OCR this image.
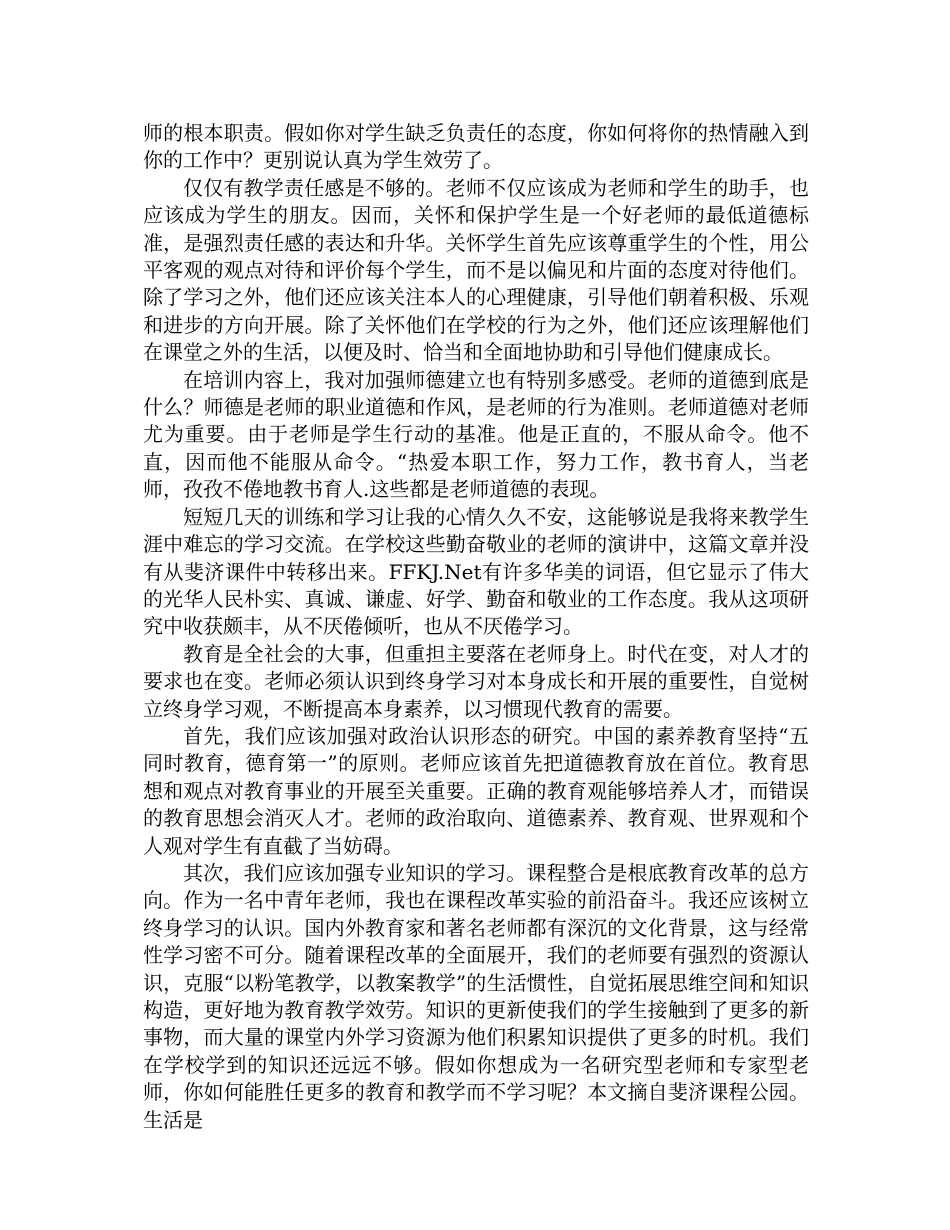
师的根本职责。假如你对学生缺乏负责任的态度，你如何将你的热情融入到你的工作中？更别说认真为学生效劳了。

仅仅有教学责任感是不够的。老师不仅应该成为老师和学生的助手，也应该成为学生的朋友。因而，关怀和保护学生是一个好老师的最低道德标准，是强烈责任感的表达和升华。关怀学生首先应该尊重学生的个性，用公平客观的观点对待和评价每个学生，而不是以偏见和片面的态度对待他们。除了学习之外，他们还应该关注本人的心理健康，引导他们朝着积极、乐观和进步的方向开展。除了关怀他们在学校的行为之外，他们还应该理解他们在课堂之外的生活，以便及时、恰当和全面地协助和引导他们健康成长。

在培训内容上，我对加强师德建立也有特别多感受。老师的道德到底是什么？师德是老师的职业道德和作风，是老师的行为准则。老师道德对老师尤为重要。由于老师是学生行动的基准。他是正直的，不服从命令。他不直，因而他不能服从命令。“热爱本职工作，努力工作，教书育人，当老师，孜孜不倦地教书育人.这些都是老师道德的表现。

短短几天的训练和学习让我的心情久久不安，这能够说是我将来教学生涯中难忘的学习交流。在学校这些勤奋敬业的老师的演讲中，这篇文章并没有从斐济课件中转移出来。FFKJ.Net有许多华美的词语，但它显示了伟大的光华人民朴实、真诚、谦虚、好学、勤奋和敬业的工作态度。我从这项研究中收获颇丰，从不厌倦倾听，也从不厌倦学习。

教育是全社会的大事，但重担主要落在老师身上。时代在变，对人才的要求也在变。老师必须认识到终身学习对本身成长和开展的重要性，自觉树立终身学习观，不断提高本身素养，以习惯现代教育的需要。

首先，我们应该加强对政治认识形态的研究。中国的素养教育坚持“五同时教育，德育第一”的原则。老师应该首先把道德教育放在首位。教育思想和观点对教育事业的开展至关重要。正确的教育观能够培养人才，而错误的教育思想会消灭人才。老师的政治取向、道德素养、教育观、世界观和个人观对学生有直截了当妨碍。

其次，我们应该加强专业知识的学习。课程整合是根底教育改革的总方向。作为一名中青年老师，我也在课程改革实验的前沿奋斗。我还应该树立终身学习的认识。国内外教育家和著名老师都有深沉的文化背景，这与经常性学习密不可分。随着课程改革的全面展开，我们的老师要有强烈的资源认识，克服“以粉笔教学，以教案教学”的生活惯性，自觉拓展思维空间和知识构造，更好地为教育教学效劳。知识的更新使我们的学生接触到了更多的新事物，而大量的课堂内外学习资源为他们积累知识提供了更多的时机。我们在学校学到的知识还远远不够。假如你想成为一名研究型老师和专家型老师，你如何能胜任更多的教育和教学而不学习呢？本文摘自斐济课程公园。生活是
